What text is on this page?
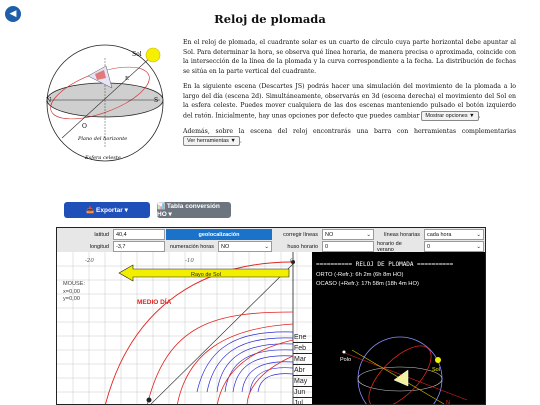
◀	Reloj de plomada
Sol
E
N	S
O
Plano del horizonte
Esfera celeste

En el reloj de plomada, el cuadrante solar es un cuarto de círculo cuya parte horizontal debe apuntar al Sol. Para determinar la hora, se observa qué línea horaria, de manera precisa o aproximada, coincide con la intersección de la línea de la plomada y la curva correspondiente a la fecha. La distribución de fechas se sitúa en la parte vertical del cuadrante.

En la siguiente escena (Descartes JS) podrás hacer una simulación del movimiento de la plomada a lo largo del día (escena 2d). Simultáneamente, observarás en 3d (escena derecha) el movimiento del Sol en la esfera celeste. Puedes mover cualquiera de las dos escenas manteniendo pulsado el botón izquierdo del ratón. Inicialmente, hay unas opciones por defecto que puedes cambiar Mostrar opciones ▼ .

Además, sobre la escena del reloj encontrarás una barra con herramientas complementarias Ver herramientas ▼ .

📥 Exportar ▾
📊 Tabla conversión HO ▾
latitud	40,4
longitud	-3,7
geolocalización
numeración horas	NO	⌄
corregir líneas	NO	⌄
huso horario	0
líneas horarias	cada hora	⌄
horario de verano	0	⌄
-20	-10	0
Rayo de Sol
MEDIO DÍA
MOUSE:
x=0,00
y=0,00
Ene
Feb
Mar
Abr
May
Jun
Jul
========== RELOJ DE PLOMADA ==========
ORTO (-Refr.): 6h 2m (6h 8m HO)
OCASO (+Refr.): 17h 58m (18h 4m HO)
Polo
Sol
N
